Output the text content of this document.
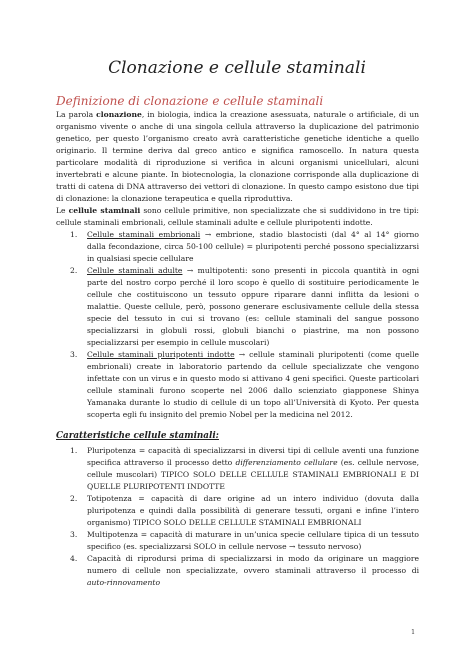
Clonazione e cellule staminali
Definizione di clonazione e cellule staminali
La parola clonazione, in biologia, indica la creazione asessuata, naturale o artificiale, di un
organismo vivente o anche di una singola cellula attraverso la duplicazione del patrimonio
genetico, per questo l’organismo creato avrà caratteristiche genetiche identiche a quello
originario. Il termine deriva dal greco antico e significa ramoscello. In natura questa
particolare modalità di riproduzione si verifica in alcuni organismi unicellulari, alcuni
invertebrati e alcune piante. In biotecnologia, la clonazione corrisponde alla duplicazione di
tratti di catena di DNA attraverso dei vettori di clonazione. In questo campo esistono due tipi
di clonazione: la clonazione terapeutica e quella riproduttiva.
Le cellule staminali sono cellule primitive, non specializzate che si suddividono in tre tipi:
cellule staminali embrionali, cellule staminali adulte e cellule pluripotenti indotte.
1. Cellule staminali embrionali → embrione, stadio blastocisti (dal 4° al 14° giorno
dalla fecondazione, circa 50-100 cellule) = pluripotenti perché possono specializzarsi
in qualsiasi specie cellulare
2. Cellule staminali adulte → multipotenti: sono presenti in piccola quantità in ogni
parte del nostro corpo perché il loro scopo è quello di sostituire periodicamente le
cellule che costituiscono un tessuto oppure riparare danni inflitta da lesioni o
malattie. Queste cellule, però, possono generare esclusivamente cellule della stessa
specie del tessuto in cui si trovano (es: cellule staminali del sangue possono
specializzarsi in globuli rossi, globuli bianchi o piastrine, ma non possono
specializzarsi per esempio in cellule muscolari)
3. Cellule staminali pluripotenti indotte → cellule staminali pluripotenti (come quelle
embrionali) create in laboratorio partendo da cellule specializzate che vengono
infettate con un virus e in questo modo si attivano 4 geni specifici. Queste particolari
cellule staminali furono scoperte nel 2006 dallo scienziato giapponese Shinya
Yamanaka durante lo studio di cellule di un topo all’Università di Kyoto. Per questa
scoperta egli fu insignito del premio Nobel per la medicina nel 2012.
Caratteristiche cellule staminali:
1. Pluripotenza = capacità di specializzarsi in diversi tipi di cellule aventi una funzione
specifica attraverso il processo detto differenziamento cellulare (es. cellule nervose,
cellule muscolari) TIPICO SOLO DELLE CELLULE STAMINALI EMBRIONALI E DI
QUELLE PLURIPOTENTI INDOTTE
2. Totipotenza = capacità di dare origine ad un intero individuo (dovuta dalla
pluripotenza e quindi dalla possibilità di generare tessuti, organi e infine l’intero
organismo) TIPICO SOLO DELLE CELLULE STAMINALI EMBRIONALI
3. Multipotenza = capacità di maturare in un’unica specie cellulare tipica di un tessuto
specifico (es. specializzarsi SOLO in cellule nervose → tessuto nervoso)
4. Capacità di riprodursi prima di specializzarsi in modo da originare un maggiore
numero di cellule non specializzate, ovvero staminali attraverso il processo di
auto-rinnovamento
1
